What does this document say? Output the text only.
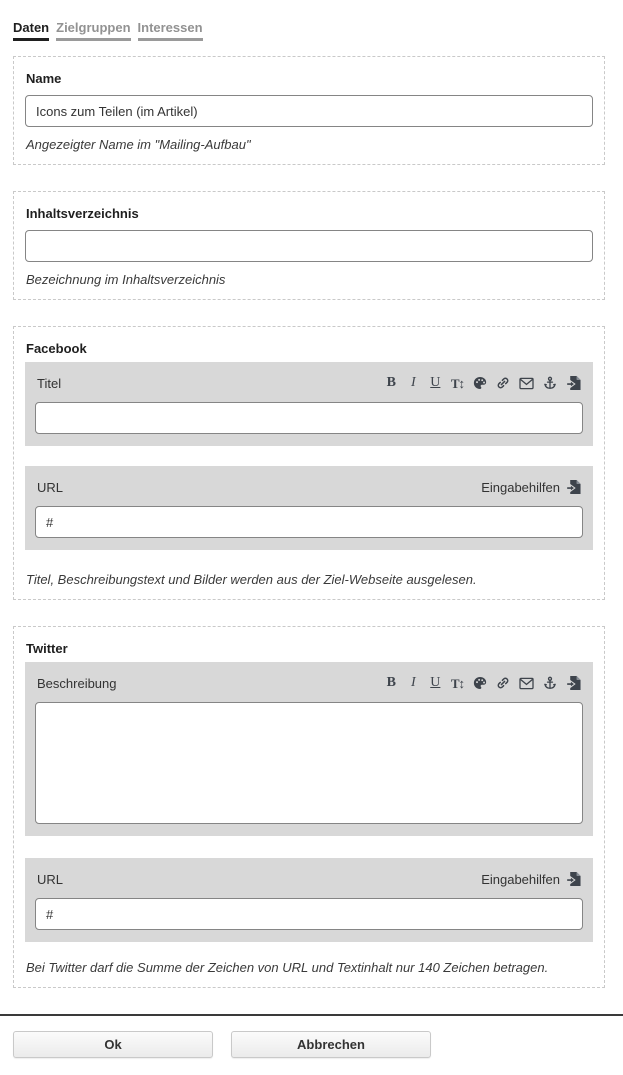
Daten Zielgruppen Interessen
Name
Icons zum Teilen (im Artikel)
Angezeigter Name im "Mailing-Aufbau"
Inhaltsverzeichnis
Bezeichnung im Inhaltsverzeichnis
Facebook
Titel	B I U T↕
URL	Eingabehilfen
#
Titel, Beschreibungstext und Bilder werden aus der Ziel-Webseite ausgelesen.
Twitter
Beschreibung	B I U T↕
URL	Eingabehilfen
#
Bei Twitter darf die Summe der Zeichen von URL und Textinhalt nur 140 Zeichen betragen.
Ok	Abbrechen
